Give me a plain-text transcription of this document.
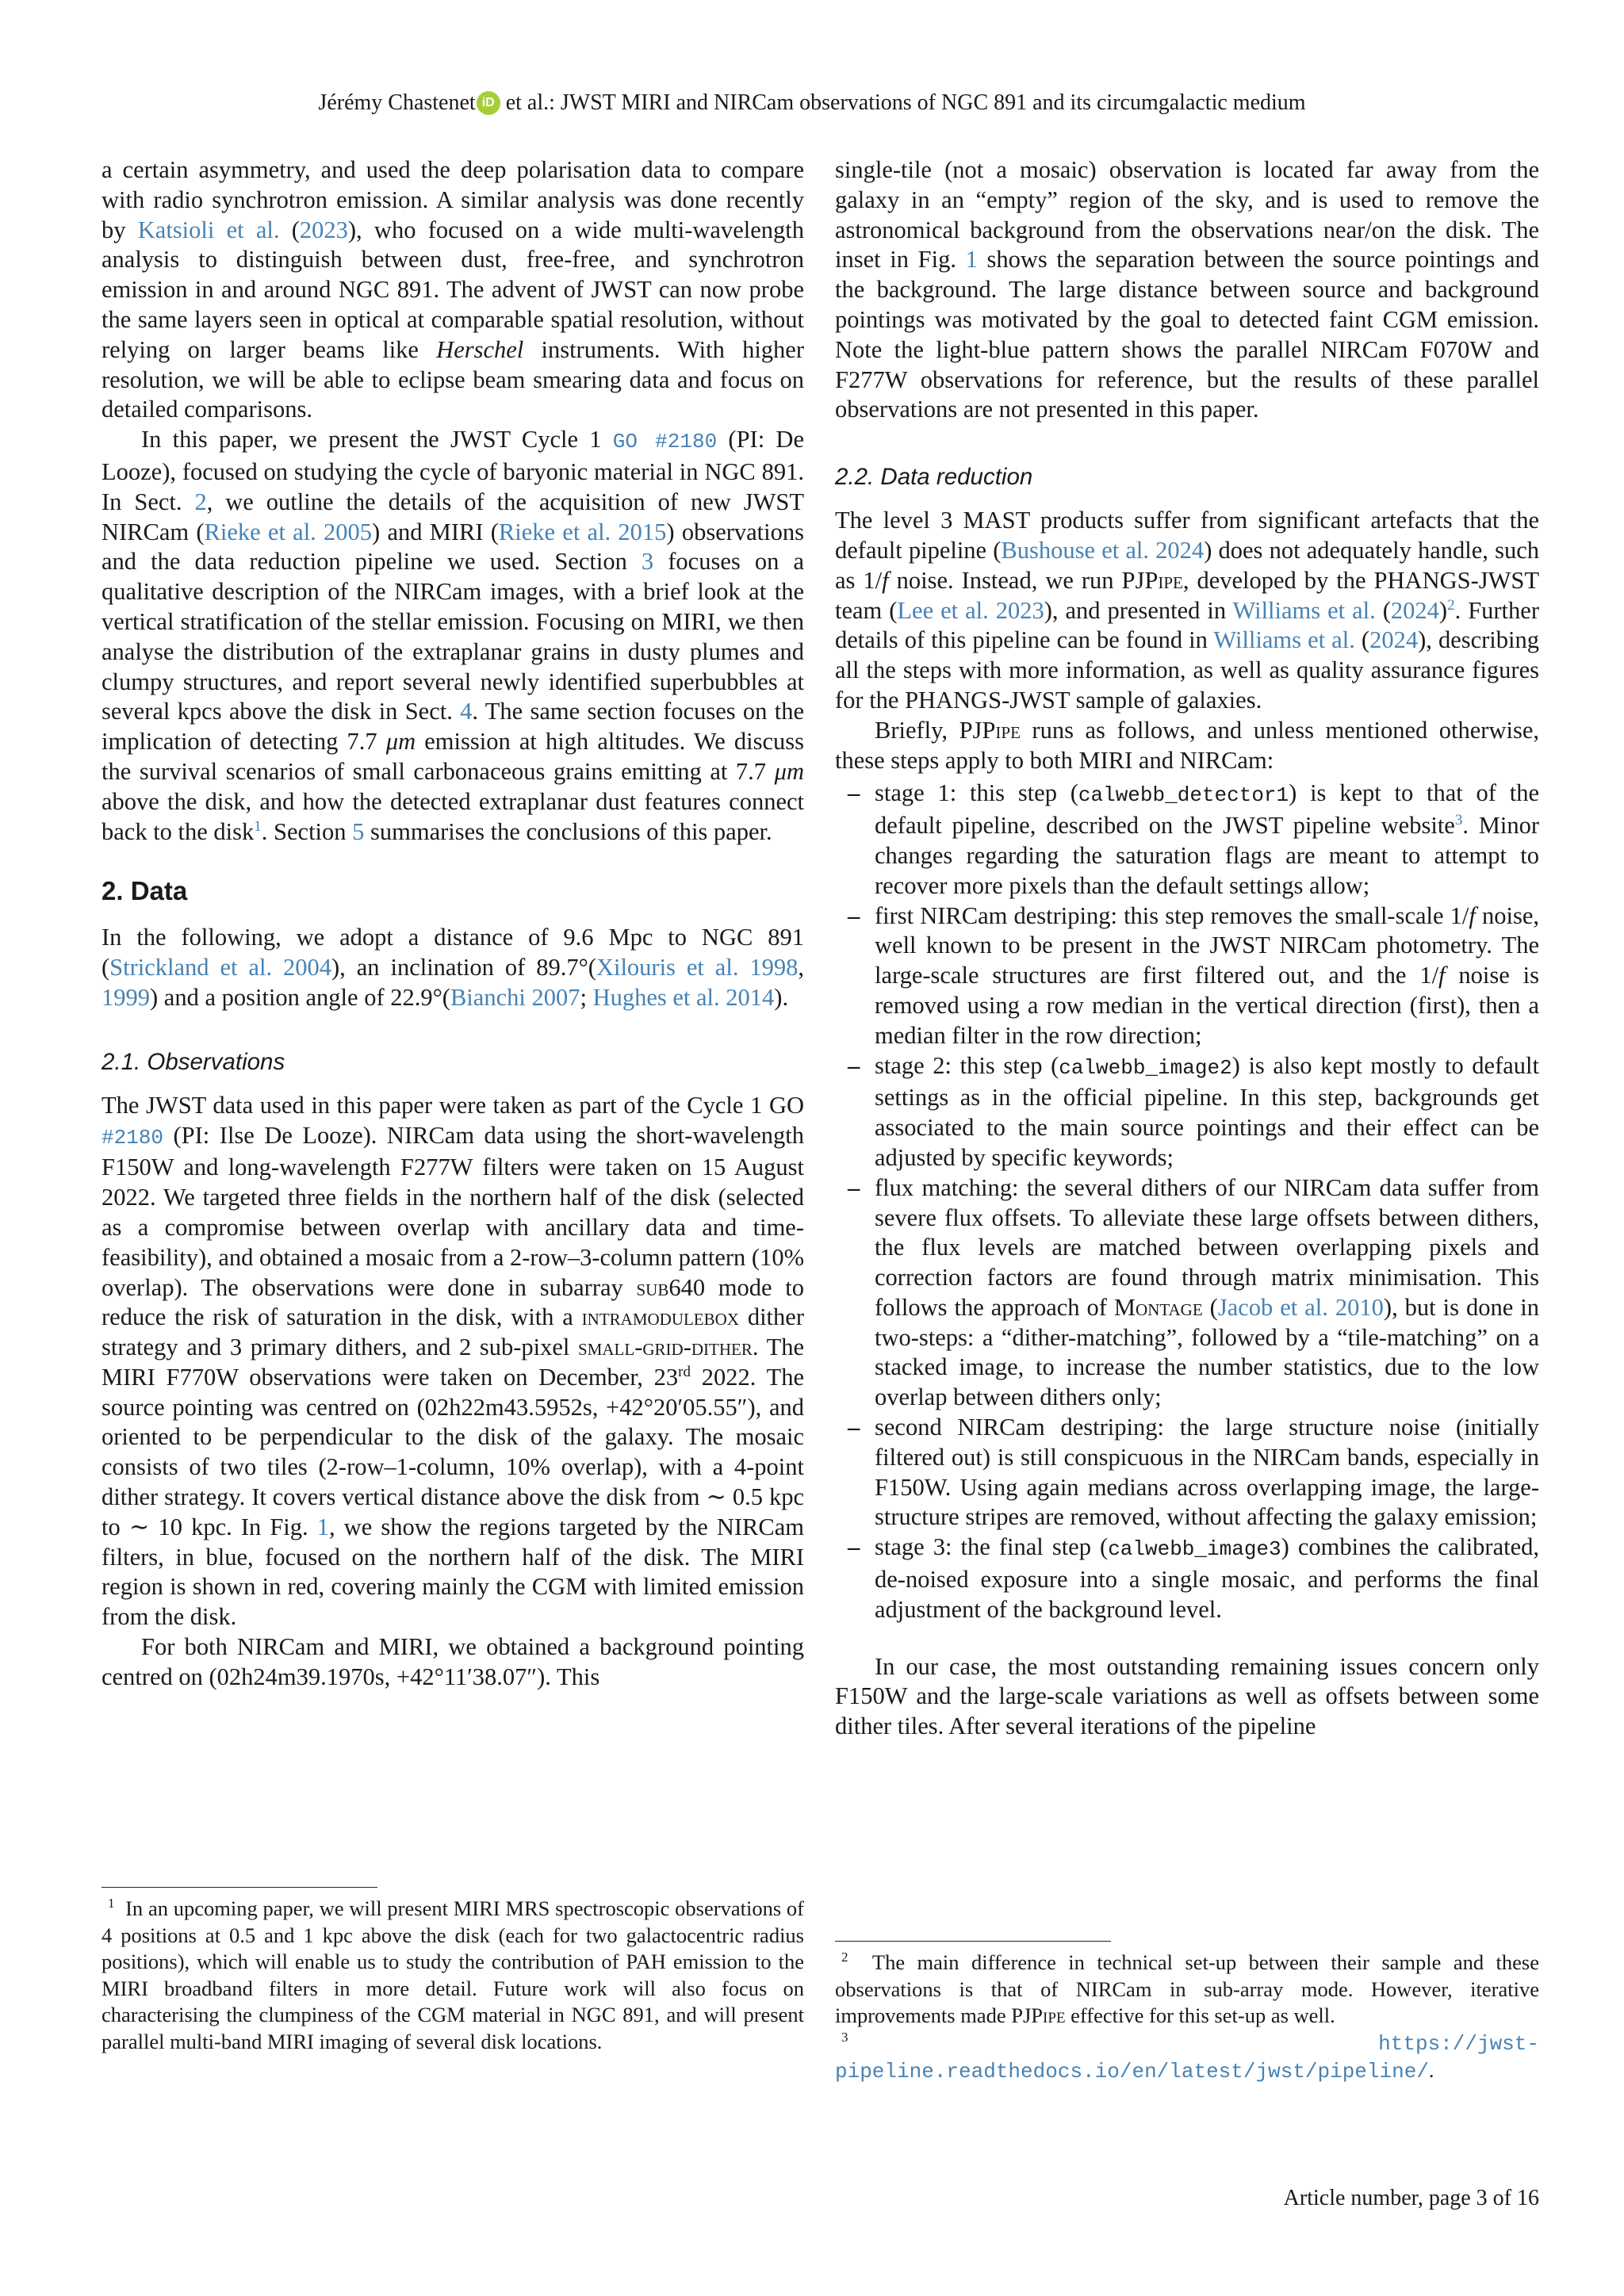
Jérémy Chastenet iD et al.: JWST MIRI and NIRCam observations of NGC 891 and its circumgalactic medium

a certain asymmetry, and used the deep polarisation data to compare with radio synchrotron emission. A similar analysis was done recently by Katsioli et al. (2023), who focused on a wide multi-wavelength analysis to distinguish between dust, free-free, and synchrotron emission in and around NGC 891. The advent of JWST can now probe the same layers seen in optical at comparable spatial resolution, without relying on larger beams like Herschel instruments. With higher resolution, we will be able to eclipse beam smearing data and focus on detailed comparisons.

In this paper, we present the JWST Cycle 1 GO #2180 (PI: De Looze), focused on studying the cycle of baryonic material in NGC 891. In Sect. 2, we outline the details of the acquisition of new JWST NIRCam (Rieke et al. 2005) and MIRI (Rieke et al. 2015) observations and the data reduction pipeline we used. Section 3 focuses on a qualitative description of the NIRCam images, with a brief look at the vertical stratification of the stellar emission. Focusing on MIRI, we then analyse the distribution of the extraplanar grains in dusty plumes and clumpy structures, and report several newly identified superbubbles at several kpcs above the disk in Sect. 4. The same section focuses on the implication of detecting 7.7 μm emission at high altitudes. We discuss the survival scenarios of small carbonaceous grains emitting at 7.7 μm above the disk, and how the detected extraplanar dust features connect back to the disk$^1$. Section 5 summarises the conclusions of this paper.

2. Data

In the following, we adopt a distance of 9.6 Mpc to NGC 891 (Strickland et al. 2004), an inclination of 89.7°(Xilouris et al. 1998, 1999) and a position angle of 22.9°(Bianchi 2007; Hughes et al. 2014).

2.1. Observations

The JWST data used in this paper were taken as part of the Cycle 1 GO #2180 (PI: Ilse De Looze). NIRCam data using the short-wavelength F150W and long-wavelength F277W filters were taken on 15 August 2022. We targeted three fields in the northern half of the disk (selected as a compromise between overlap with ancillary data and time-feasibility), and obtained a mosaic from a 2-row–3-column pattern (10% overlap). The observations were done in subarray sub640 mode to reduce the risk of saturation in the disk, with a intramodulebox dither strategy and 3 primary dithers, and 2 sub-pixel small-grid-dither. The MIRI F770W observations were taken on December, 23rd 2022. The source pointing was centred on (02h22m43.5952s, +42°20′05.55″), and oriented to be perpendicular to the disk of the galaxy. The mosaic consists of two tiles (2-row–1-column, 10% overlap), with a 4-point dither strategy. It covers vertical distance above the disk from ∼ 0.5 kpc to ∼ 10 kpc. In Fig. 1, we show the regions targeted by the NIRCam filters, in blue, focused on the northern half of the disk. The MIRI region is shown in red, covering mainly the CGM with limited emission from the disk.

For both NIRCam and MIRI, we obtained a background pointing centred on (02h24m39.1970s, +42°11′38.07″). This

$^1$ In an upcoming paper, we will present MIRI MRS spectroscopic observations of 4 positions at 0.5 and 1 kpc above the disk (each for two galactocentric radius positions), which will enable us to study the contribution of PAH emission to the MIRI broadband filters in more detail. Future work will also focus on characterising the clumpiness of the CGM material in NGC 891, and will present parallel multi-band MIRI imaging of several disk locations.

single-tile (not a mosaic) observation is located far away from the galaxy in an “empty” region of the sky, and is used to remove the astronomical background from the observations near/on the disk. The inset in Fig. 1 shows the separation between the source pointings and the background. The large distance between source and background pointings was motivated by the goal to detected faint CGM emission. Note the light-blue pattern shows the parallel NIRCam F070W and F277W observations for reference, but the results of these parallel observations are not presented in this paper.

2.2. Data reduction

The level 3 MAST products suffer from significant artefacts that the default pipeline (Bushouse et al. 2024) does not adequately handle, such as 1/f noise. Instead, we run PJPipe, developed by the PHANGS-JWST team (Lee et al. 2023), and presented in Williams et al. $(2024)^2$. Further details of this pipeline can be found in Williams et al. (2024), describing all the steps with more information, as well as quality assurance figures for the PHANGS-JWST sample of galaxies.

Briefly, PJPipe runs as follows, and unless mentioned otherwise, these steps apply to both MIRI and NIRCam:

– stage 1: this step (calwebb_detector1) is kept to that of the default pipeline, described on the JWST pipeline website$^3$. Minor changes regarding the saturation flags are meant to attempt to recover more pixels than the default settings allow;
– first NIRCam destriping: this step removes the small-scale 1/f noise, well known to be present in the JWST NIRCam photometry. The large-scale structures are first filtered out, and the 1/f noise is removed using a row median in the vertical direction (first), then a median filter in the row direction;
– stage 2: this step (calwebb_image2) is also kept mostly to default settings as in the official pipeline. In this step, backgrounds get associated to the main source pointings and their effect can be adjusted by specific keywords;
– flux matching: the several dithers of our NIRCam data suffer from severe flux offsets. To alleviate these large offsets between dithers, the flux levels are matched between overlapping pixels and correction factors are found through matrix minimisation. This follows the approach of Montage (Jacob et al. 2010), but is done in two-steps: a “dither-matching”, followed by a “tile-matching” on a stacked image, to increase the number statistics, due to the low overlap between dithers only;
– second NIRCam destriping: the large structure noise (initially filtered out) is still conspicuous in the NIRCam bands, especially in F150W. Using again medians across overlapping image, the large-structure stripes are removed, without affecting the galaxy emission;
– stage 3: the final step (calwebb_image3) combines the calibrated, de-noised exposure into a single mosaic, and performs the final adjustment of the background level.

In our case, the most outstanding remaining issues concern only F150W and the large-scale variations as well as offsets between some dither tiles. After several iterations of the pipeline

$^2$ The main difference in technical set-up between their sample and these observations is that of NIRCam in sub-array mode. However, iterative improvements made PJPipe effective for this set-up as well.

$^3$	https://jwst-pipeline.readthedocs.io/en/latest/jwst/pipeline/.

Article number, page 3 of 16
